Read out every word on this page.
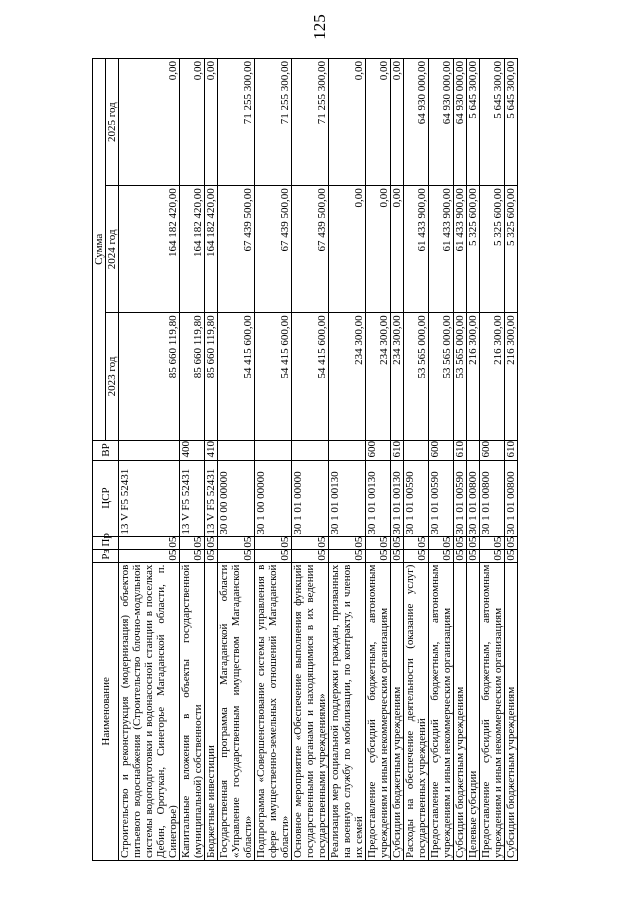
125
Наименование	Рз	Пр	ЦСР	ВР	Сумма		
					2023 год	2024 год	2025 год
Строительство и реконструкция (модернизация) объектов питьевого водоснабжения (Строительство блочно-модульной системы водоподготовки и водонасосной станции в поселках Дебин, Оротукан, Синегорье Магаданской области, п. Синегорье)	05	05	13 V F5 52431		85 660 119,80	164 182 420,00	0,00
Капитальные вложения в объекты государственной (муниципальной) собственности	05	05	13 V F5 52431	400	85 660 119,80	164 182 420,00	0,00
Бюджетные инвестиции	05	05	13 V F5 52431	410	85 660 119,80	164 182 420,00	0,00
Государственная программа Магаданской области «Управление государственным имуществом Магаданской области»	05	05	30 0 00 00000		54 415 600,00	67 439 500,00	71 255 300,00
Подпрограмма «Совершенствование системы управления в сфере имущественно-земельных отношений Магаданской области»	05	05	30 1 00 00000		54 415 600,00	67 439 500,00	71 255 300,00
Основное мероприятие «Обеспечение выполнения функций государственными органами и находящимися в их ведении государственными учреждениями»	05	05	30 1 01 00000		54 415 600,00	67 439 500,00	71 255 300,00
Реализация мер социальной поддержки граждан, призванных на военную службу по мобилизации, по контракту, и членов их семей	05	05	30 1 01 00130		234 300,00	0,00	0,00
Предоставление субсидий бюджетным, автономным учреждениям и иным некоммерческим организациям	05	05	30 1 01 00130	600	234 300,00	0,00	0,00
Субсидии бюджетным учреждениям	05	05	30 1 01 00130	610	234 300,00	0,00	0,00
Расходы на обеспечение деятельности (оказание услуг) государственных учреждений	05	05	30 1 01 00590		53 565 000,00	61 433 900,00	64 930 000,00
Предоставление субсидий бюджетным, автономным учреждениям и иным некоммерческим организациям	05	05	30 1 01 00590	600	53 565 000,00	61 433 900,00	64 930 000,00
Субсидии бюджетным учреждениям	05	05	30 1 01 00590	610	53 565 000,00	61 433 900,00	64 930 000,00
Целевые субсидии	05	05	30 1 01 00800		216 300,00	5 325 600,00	5 645 300,00
Предоставление субсидий бюджетным, автономным учреждениям и иным некоммерческим организациям	05	05	30 1 01 00800	600	216 300,00	5 325 600,00	5 645 300,00
Субсидии бюджетным учреждениям	05	05	30 1 01 00800	610	216 300,00	5 325 600,00	5 645 300,00
